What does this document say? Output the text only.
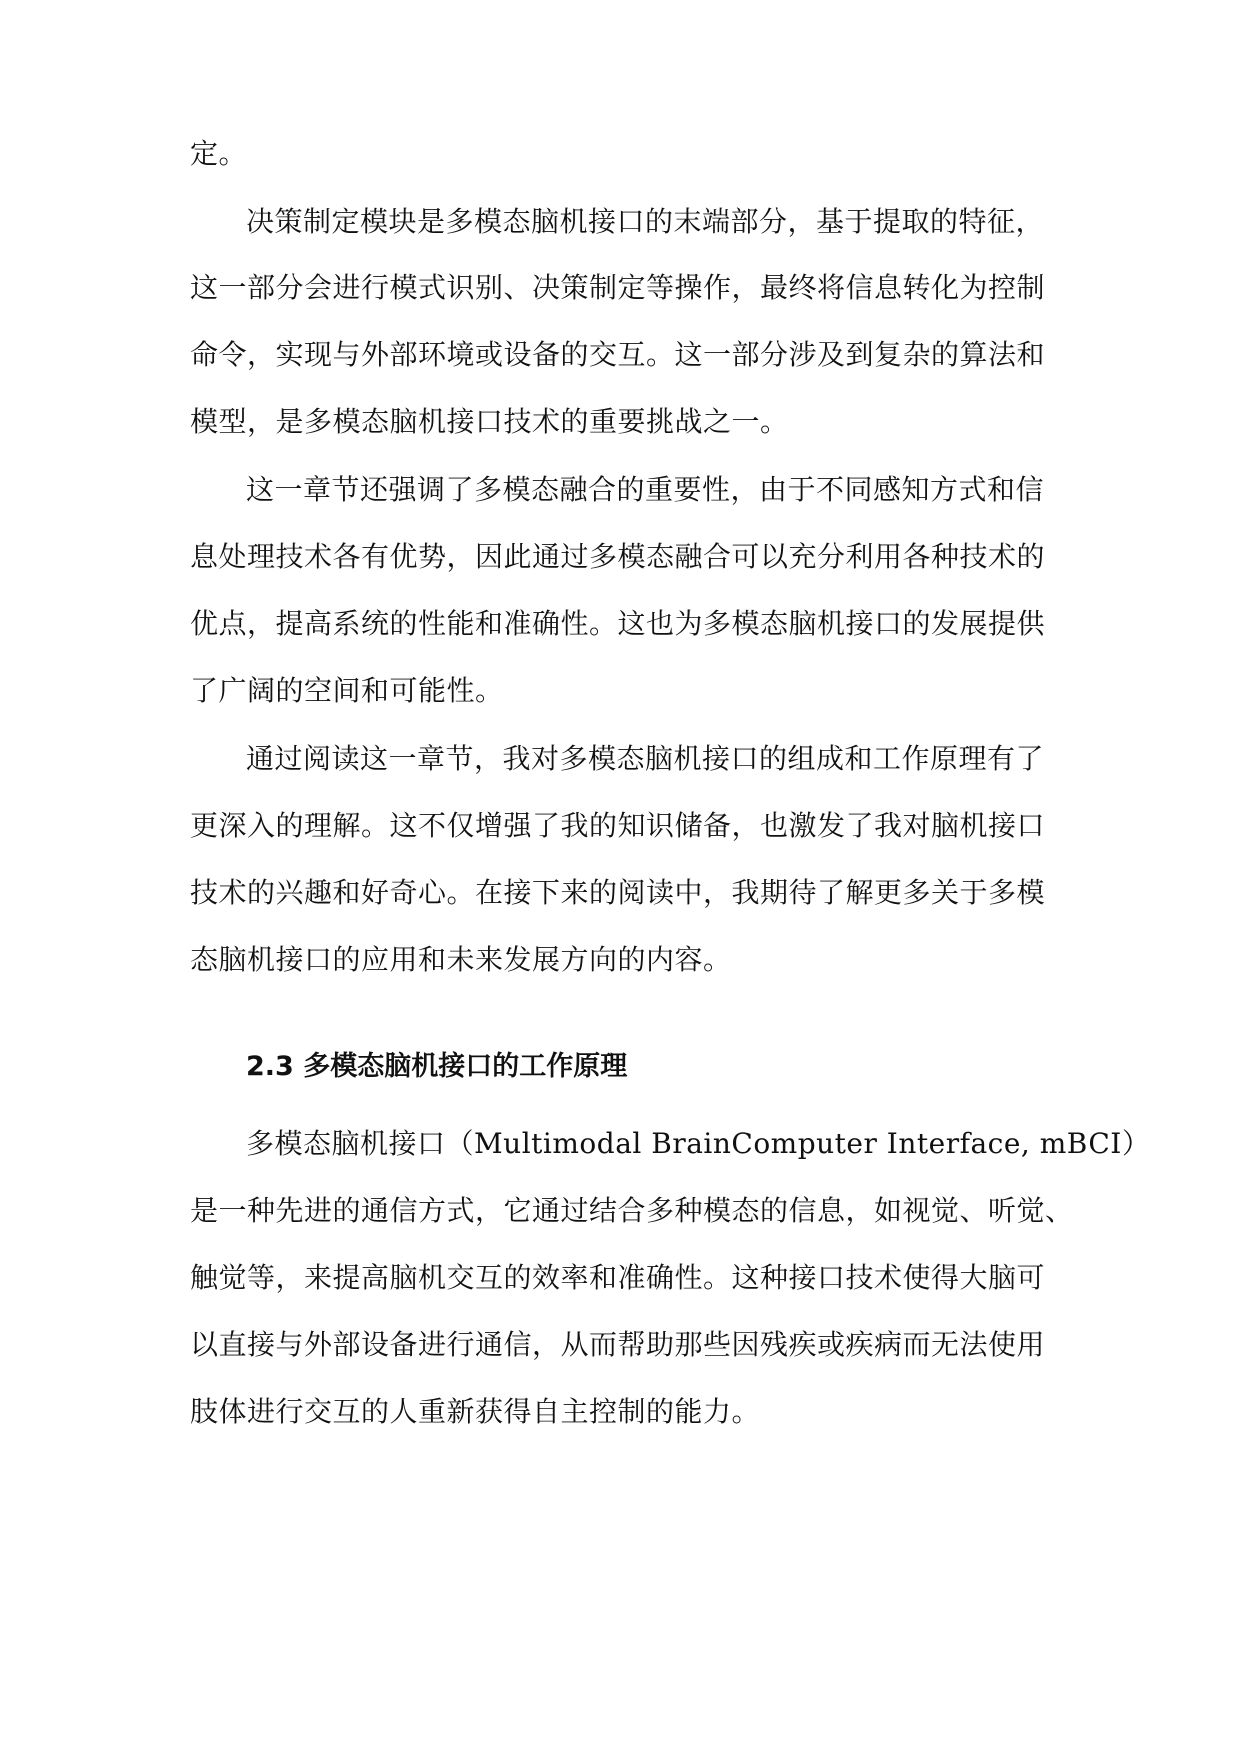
定。
决策制定模块是多模态脑机接口的末端部分，基于提取的特征，
这一部分会进行模式识别、决策制定等操作，最终将信息转化为控制
命令，实现与外部环境或设备的交互。这一部分涉及到复杂的算法和
模型，是多模态脑机接口技术的重要挑战之一。
这一章节还强调了多模态融合的重要性，由于不同感知方式和信
息处理技术各有优势，因此通过多模态融合可以充分利用各种技术的
优点，提高系统的性能和准确性。这也为多模态脑机接口的发展提供
了广阔的空间和可能性。
通过阅读这一章节，我对多模态脑机接口的组成和工作原理有了
更深入的理解。这不仅增强了我的知识储备，也激发了我对脑机接口
技术的兴趣和好奇心。在接下来的阅读中，我期待了解更多关于多模
态脑机接口的应用和未来发展方向的内容。
2.3 多模态脑机接口的工作原理
多模态脑机接口（Multimodal BrainComputer Interface, mBCI）
是一种先进的通信方式，它通过结合多种模态的信息，如视觉、听觉、
触觉等，来提高脑机交互的效率和准确性。这种接口技术使得大脑可
以直接与外部设备进行通信，从而帮助那些因残疾或疾病而无法使用
肢体进行交互的人重新获得自主控制的能力。
